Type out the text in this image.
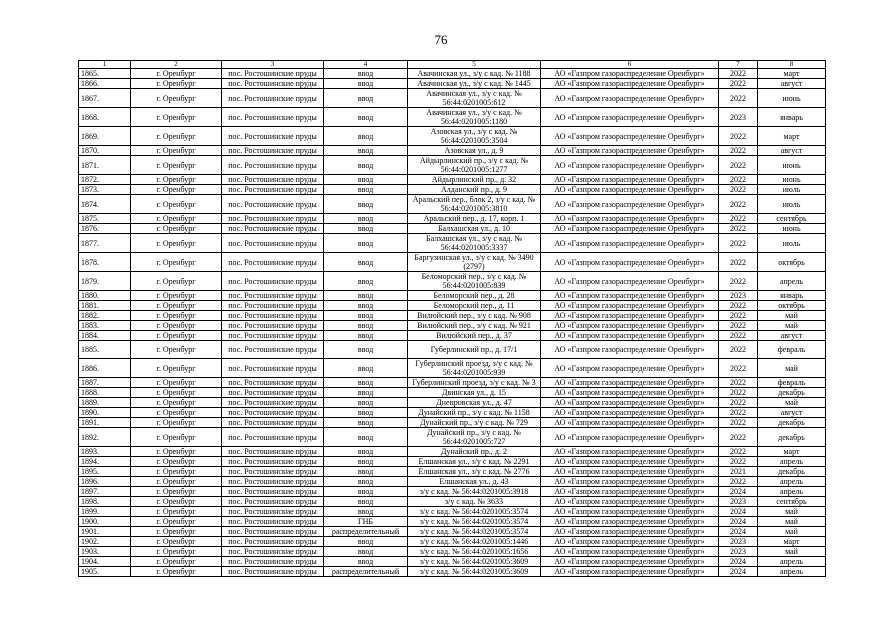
76
1	2	3	4	5	6	7	8
1865.	г. Оренбург	пос. Ростошинские пруды	ввод	Авачинская ул., з/у с кад. № 1188	АО «Газпром газораспределение Оренбург»	2022	март
1866.	г. Оренбург	пос. Ростошинские пруды	ввод	Авачинская ул., з/у с кад. № 1445	АО «Газпром газораспределение Оренбург»	2022	август
1867.	г. Оренбург	пос. Ростошинские пруды	ввод	Авачинская ул., з/у с кад. № 56:44:0201005:612	АО «Газпром газораспределение Оренбург»	2022	июнь
1868.	г. Оренбург	пос. Ростошинские пруды	ввод	Авачинская ул., з/у с кад. № 56:44:0201005:1180	АО «Газпром газораспределение Оренбург»	2023	январь
1869.	г. Оренбург	пос. Ростошинские пруды	ввод	Азовская ул., з/у с кад. № 56:44:0201005:3504	АО «Газпром газораспределение Оренбург»	2022	март
1870.	г. Оренбург	пос. Ростошинские пруды	ввод	Азовская ул., д. 9	АО «Газпром газораспределение Оренбург»	2022	август
1871.	г. Оренбург	пос. Ростошинские пруды	ввод	Айдырлинский пр., з/у с кад. № 56:44:0201005:1277	АО «Газпром газораспределение Оренбург»	2022	июнь
1872.	г. Оренбург	пос. Ростошинские пруды	ввод	Айдырлинский пр., д. 32	АО «Газпром газораспределение Оренбург»	2022	июнь
1873.	г. Оренбург	пос. Ростошинские пруды	ввод	Алданский пр., д. 9	АО «Газпром газораспределение Оренбург»	2022	июль
1874.	г. Оренбург	пос. Ростошинские пруды	ввод	Аральский пер., блок 2, з/у с кад. № 56:44:0201005:3810	АО «Газпром газораспределение Оренбург»	2022	июль
1875.	г. Оренбург	пос. Ростошинские пруды	ввод	Аральский пер., д. 17, корп. 1	АО «Газпром газораспределение Оренбург»	2022	сентябрь
1876.	г. Оренбург	пос. Ростошинские пруды	ввод	Балхашская ул., д. 10	АО «Газпром газораспределение Оренбург»	2022	июнь
1877.	г. Оренбург	пос. Ростошинские пруды	ввод	Балхашская ул., з/у с кад. № 56:44:0201005:3337	АО «Газпром газораспределение Оренбург»	2022	июль
1878.	г. Оренбург	пос. Ростошинские пруды	ввод	Баргузинская ул., з/у с кад. № 3490 (2797)	АО «Газпром газораспределение Оренбург»	2022	октябрь
1879.	г. Оренбург	пос. Ростошинские пруды	ввод	Беломорский пер., з/у с кад. № 56:44:0201005:839	АО «Газпром газораспределение Оренбург»	2022	апрель
1880.	г. Оренбург	пос. Ростошинские пруды	ввод	Беломорский пер., д. 28	АО «Газпром газораспределение Оренбург»	2023	январь
1881.	г. Оренбург	пос. Ростошинские пруды	ввод	Беломорский пер., д. 11	АО «Газпром газораспределение Оренбург»	2022	октябрь
1882.	г. Оренбург	пос. Ростошинские пруды	ввод	Вилюйский пер., з/у с кад. № 908	АО «Газпром газораспределение Оренбург»	2022	май
1883.	г. Оренбург	пос. Ростошинские пруды	ввод	Вилюйский пер., з/у с кад. № 921	АО «Газпром газораспределение Оренбург»	2022	май
1884.	г. Оренбург	пос. Ростошинские пруды	ввод	Вилюйский пер., д. 37	АО «Газпром газораспределение Оренбург»	2022	август
1885.	г. Оренбург	пос. Ростошинские пруды	ввод	Губерлинский пр., д. 17/1	АО «Газпром газораспределение Оренбург»	2022	февраль
1886.	г. Оренбург	пос. Ростошинские пруды	ввод	Губерлинский проезд, з/у с кад. № 56:44:0201005:939	АО «Газпром газораспределение Оренбург»	2022	май
1887.	г. Оренбург	пос. Ростошинские пруды	ввод	Губерлинский проезд, з/у с кад. № 3	АО «Газпром газораспределение Оренбург»	2022	февраль
1888.	г. Оренбург	пос. Ростошинские пруды	ввод	Двинская ул., д. 15	АО «Газпром газораспределение Оренбург»	2022	декабрь
1889.	г. Оренбург	пос. Ростошинские пруды	ввод	Днепровская ул., д. 47	АО «Газпром газораспределение Оренбург»	2022	май
1890.	г. Оренбург	пос. Ростошинские пруды	ввод	Дунайский пр., з/у с кад. № 1158	АО «Газпром газораспределение Оренбург»	2022	август
1891.	г. Оренбург	пос. Ростошинские пруды	ввод	Дунайский пр., з/у с кад. № 729	АО «Газпром газораспределение Оренбург»	2022	декабрь
1892.	г. Оренбург	пос. Ростошинские пруды	ввод	Дунайский пр., з/у с кад. № 56:44:0201005:727	АО «Газпром газораспределение Оренбург»	2022	декабрь
1893.	г. Оренбург	пос. Ростошинские пруды	ввод	Дунайский пр., д. 2	АО «Газпром газораспределение Оренбург»	2022	март
1894.	г. Оренбург	пос. Ростошинские пруды	ввод	Елшанская ул., з/у с кад. № 2291	АО «Газпром газораспределение Оренбург»	2022	апрель
1895.	г. Оренбург	пос. Ростошинские пруды	ввод	Елшанская ул., з/у с кад. № 2776	АО «Газпром газораспределение Оренбург»	2021	декабрь
1896.	г. Оренбург	пос. Ростошинские пруды	ввод	Елшанская ул., д. 43	АО «Газпром газораспределение Оренбург»	2022	апрель
1897.	г. Оренбург	пос. Ростошинские пруды	ввод	з/у с кад. № 56:44:0201005:3918	АО «Газпром газораспределение Оренбург»	2024	апрель
1898.	г. Оренбург	пос. Ростошинские пруды	ввод	з/у с кад. № 3633	АО «Газпром газораспределение Оренбург»	2023	сентябрь
1899.	г. Оренбург	пос. Ростошинские пруды	ввод	з/у с кад. № 56:44:0201005:3574	АО «Газпром газораспределение Оренбург»	2024	май
1900.	г. Оренбург	пос. Ростошинские пруды	ГНБ	з/у с кад. № 56:44:0201005:3574	АО «Газпром газораспределение Оренбург»	2024	май
1901.	г. Оренбург	пос. Ростошинские пруды	распределительный	з/у с кад. № 56:44:0201005:3574	АО «Газпром газораспределение Оренбург»	2024	май
1902.	г. Оренбург	пос. Ростошинские пруды	ввод	з/у с кад. № 56:44:0201005:1446	АО «Газпром газораспределение Оренбург»	2023	март
1903.	г. Оренбург	пос. Ростошинские пруды	ввод	з/у с кад. № 56:44:0201005:1656	АО «Газпром газораспределение Оренбург»	2023	май
1904.	г. Оренбург	пос. Ростошинские пруды	ввод	з/у с кад. № 56:44:0201005:3609	АО «Газпром газораспределение Оренбург»	2024	апрель
1905.	г. Оренбург	пос. Ростошинские пруды	распределительный	з/у с кад. № 56:44:0201005:3609	АО «Газпром газораспределение Оренбург»	2024	апрель
